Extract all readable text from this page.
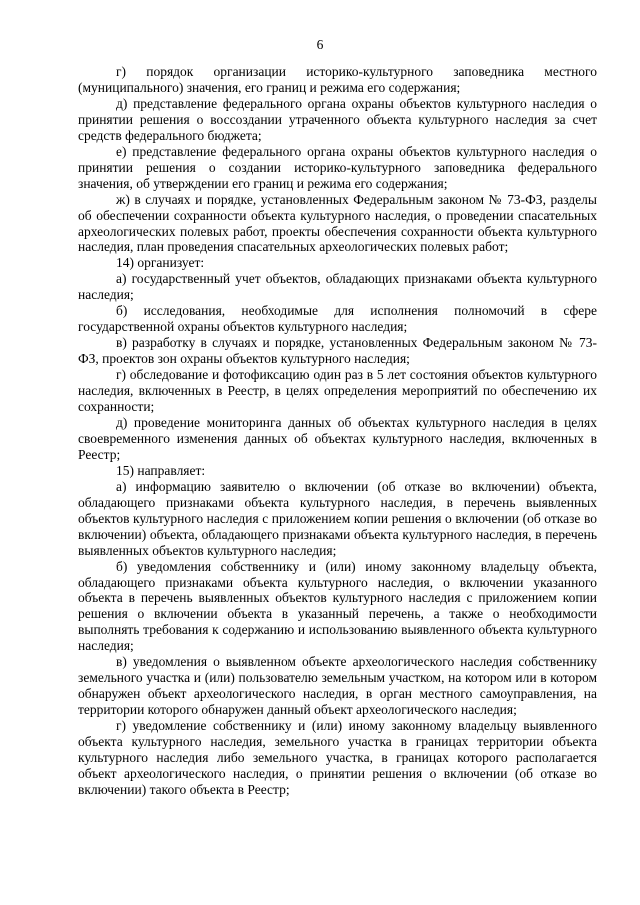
6

г) порядок организации историко-культурного заповедника местного (муниципального) значения, его границ и режима его содержания;

д) представление федерального органа охраны объектов культурного наследия о принятии решения о воссоздании утраченного объекта культурного наследия за счет средств федерального бюджета;

е) представление федерального органа охраны объектов культурного наследия о принятии решения о создании историко-культурного заповедника федерального значения, об утверждении его границ и режима его содержания;

ж) в случаях и порядке, установленных Федеральным законом № 73-ФЗ, разделы об обеспечении сохранности объекта культурного наследия, о проведении спасательных археологических полевых работ, проекты обеспечения сохранности объекта культурного наследия, план проведения спасательных археологических полевых работ;

14) организует:

а) государственный учет объектов, обладающих признаками объекта культурного наследия;

б) исследования, необходимые для исполнения полномочий в сфере государственной охраны объектов культурного наследия;

в) разработку в случаях и порядке, установленных Федеральным законом № 73-ФЗ, проектов зон охраны объектов культурного наследия;

г) обследование и фотофиксацию один раз в 5 лет состояния объектов культурного наследия, включенных в Реестр, в целях определения мероприятий по обеспечению их сохранности;

д) проведение мониторинга данных об объектах культурного наследия в целях своевременного изменения данных об объектах культурного наследия, включенных в Реестр;

15) направляет:

а) информацию заявителю о включении (об отказе во включении) объекта, обладающего признаками объекта культурного наследия, в перечень выявленных объектов культурного наследия с приложением копии решения о включении (об отказе во включении) объекта, обладающего признаками объекта культурного наследия, в перечень выявленных объектов культурного наследия;

б) уведомления собственнику и (или) иному законному владельцу объекта, обладающего признаками объекта культурного наследия, о включении указанного объекта в перечень выявленных объектов культурного наследия с приложением копии решения о включении объекта в указанный перечень, а также о необходимости выполнять требования к содержанию и использованию выявленного объекта культурного наследия;

в) уведомления о выявленном объекте археологического наследия собственнику земельного участка и (или) пользователю земельным участком, на котором или в котором обнаружен объект археологического наследия, в орган местного самоуправления, на территории которого обнаружен данный объект археологического наследия;

г) уведомление собственнику и (или) иному законному владельцу выявленного объекта культурного наследия, земельного участка в границах территории объекта культурного наследия либо земельного участка, в границах которого располагается объект археологического наследия, о принятии решения о включении (об отказе во включении) такого объекта в Реестр;
